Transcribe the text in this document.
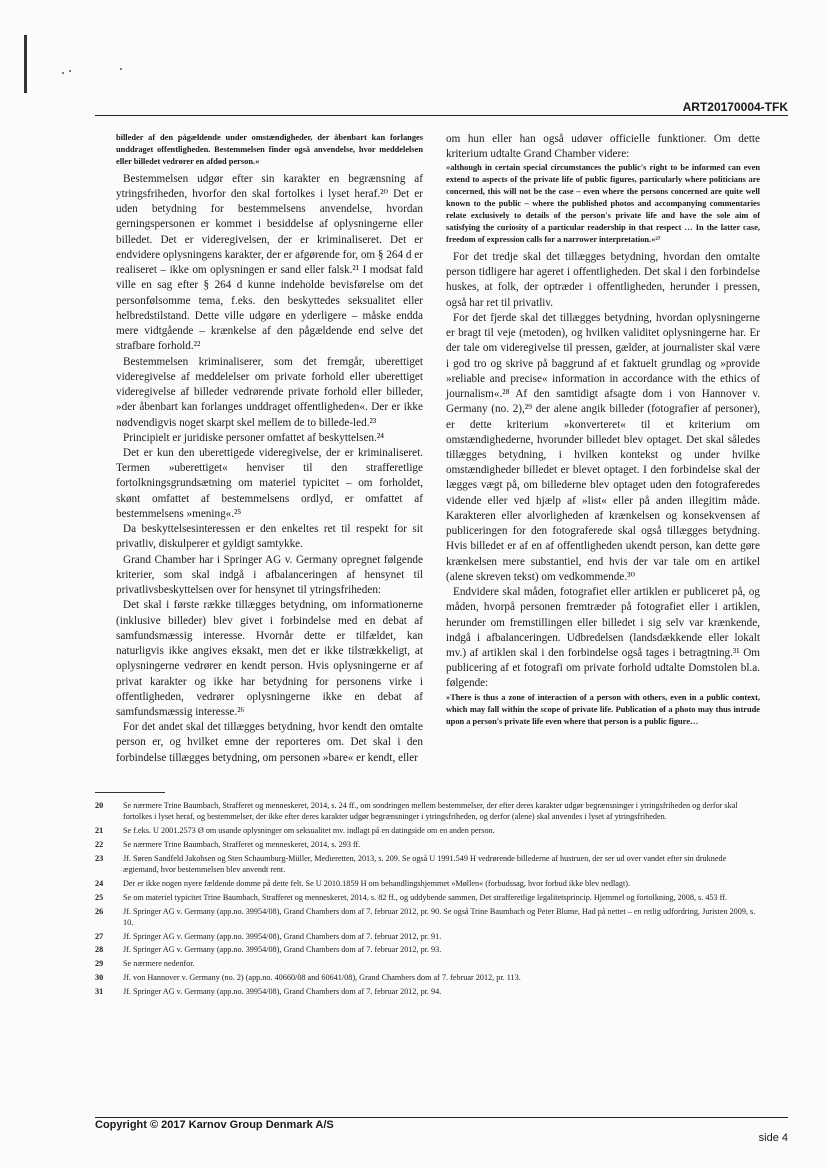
ART20170004-TFK

billeder af den pågældende under omstændigheder, der åbenbart kan forlanges unddraget offentligheden. Bestemmelsen finder også anvendelse, hvor meddelelsen eller billedet vedrører en afdød person.«

Bestemmelsen udgør efter sin karakter en begrænsning af ytringsfriheden, hvorfor den skal fortolkes i lyset heraf.²⁰ Det er uden betydning for bestemmelsens anvendelse, hvordan gerningspersonen er kommet i besiddelse af oplysningerne eller billedet. Det er videregivelsen, der er kriminaliseret. Det er endvidere oplysningens karakter, der er afgørende for, om § 264 d er realiseret – ikke om oplysningen er sand eller falsk.²¹ I modsat fald ville en sag efter § 264 d kunne indeholde bevisførelse om det personfølsomme tema, f.eks. den beskyttedes seksualitet eller helbredstilstand. Dette ville udgøre en yderligere – måske endda mere vidtgående – krænkelse af den pågældende end selve det strafbare forhold.²²

Bestemmelsen kriminaliserer, som det fremgår, uberettiget videregivelse af meddelelser om private forhold eller uberettiget videregivelse af billeder vedrørende private forhold eller billeder, »der åbenbart kan forlanges unddraget offentligheden«. Der er ikke nødvendigvis noget skarpt skel mellem de to billede-led.²³

Principielt er juridiske personer omfattet af beskyttelsen.²⁴

Det er kun den uberettigede videregivelse, der er kriminaliseret. Termen »uberettiget« henviser til den strafferetlige fortolkningsgrundsætning om materiel typicitet – om forholdet, skønt omfattet af bestemmelsens ordlyd, er omfattet af bestemmelsens »mening«.²⁵

Da beskyttelsesinteressen er den enkeltes ret til respekt for sit privatliv, diskulperer et gyldigt samtykke.

Grand Chamber har i Springer AG v. Germany opregnet følgende kriterier, som skal indgå i afbalanceringen af hensynet til privatlivsbeskyttelsen over for hensynet til ytringsfriheden:

Det skal i første række tillægges betydning, om informationerne (inklusive billeder) blev givet i forbindelse med en debat af samfundsmæssig interesse. Hvornår dette er tilfældet, kan naturligvis ikke angives eksakt, men det er ikke tilstrækkeligt, at oplysningerne vedrører en kendt person. Hvis oplysningerne er af privat karakter og ikke har betydning for personens virke i offentligheden, vedrører oplysningerne ikke en debat af samfundsmæssig interesse.²⁶

For det andet skal det tillægges betydning, hvor kendt den omtalte person er, og hvilket emne der reporteres om. Det skal i den forbindelse tillægges betydning, om personen »bare« er kendt, eller

om hun eller han også udøver officielle funktioner. Om dette kriterium udtalte Grand Chamber videre:

»although in certain special circumstances the public's right to be informed can even extend to aspects of the private life of public figures, particularly where politicians are concerned, this will not be the case – even where the persons concerned are quite well known to the public – where the published photos and accompanying commentaries relate exclusively to details of the person's private life and have the sole aim of satisfying the curiosity of a particular readership in that respect … In the latter case, freedom of expression calls for a narrower interpretation.«²⁷

For det tredje skal det tillægges betydning, hvordan den omtalte person tidligere har ageret i offentligheden. Det skal i den forbindelse huskes, at folk, der optræder i offentligheden, herunder i pressen, også har ret til privatliv.

For det fjerde skal det tillægges betydning, hvordan oplysningerne er bragt til veje (metoden), og hvilken validitet oplysningerne har. Er der tale om videregivelse til pressen, gælder, at journalister skal være i god tro og skrive på baggrund af et faktuelt grundlag og »provide »reliable and precise« information in accordance with the ethics of journalism«.²⁸ Af den samtidigt afsagte dom i von Hannover v. Germany (no. 2),²⁹ der alene angik billeder (fotografier af personer), er dette kriterium »konverteret« til et kriterium om omstændighederne, hvorunder billedet blev optaget. Det skal således tillægges betydning, i hvilken kontekst og under hvilke omstændigheder billedet er blevet optaget. I den forbindelse skal der lægges vægt på, om billederne blev optaget uden den fotograferedes vidende eller ved hjælp af »list« eller på anden illegitim måde. Karakteren eller alvorligheden af krænkelsen og konsekvensen af publiceringen for den fotograferede skal også tillægges betydning. Hvis billedet er af en af offentligheden ukendt person, kan dette gøre krænkelsen mere substantiel, end hvis der var tale om en artikel (alene skreven tekst) om vedkommende.³⁰

Endvidere skal måden, fotografiet eller artiklen er publiceret på, og måden, hvorpå personen fremtræder på fotografiet eller i artiklen, herunder om fremstillingen eller billedet i sig selv var krænkende, indgå i afbalanceringen. Udbredelsen (landsdækkende eller lokalt mv.) af artiklen skal i den forbindelse også tages i betragtning.³¹ Om publicering af et fotografi om private forhold udtalte Domstolen bl.a. følgende:

»There is thus a zone of interaction of a person with others, even in a public context, which may fall within the scope of private life. Publication of a photo may thus intrude upon a person's private life even where that person is a public figure…

20	Se nærmere Trine Baumbach, Strafferet og menneskeret, 2014, s. 24 ff., om sondringen mellem bestemmelser, der efter deres karakter udgør begrænsninger i ytringsfriheden og derfor skal fortolkes i lyset heraf, og bestemmelser, der ikke efter deres karakter udgør begrænsninger i ytringsfriheden, og derfor (alene) skal anvendes i lyset af ytringsfriheden.
21	Se f.eks. U 2001.2573 Ø om usande oplysninger om seksualitet mv. indlagt på en datingside om en anden person.
22	Se nærmere Trine Baumbach, Strafferet og menneskeret, 2014, s. 293 ff.
23	Jf. Søren Sandfeld Jakobsen og Sten Schaumburg-Müller, Medieretten, 2013, s. 209. Se også U 1991.549 H vedrørende billederne af hustruen, der ser ud over vandet efter sin druknede ægtemand, hvor bestemmelsen blev anvendt rent.
24	Der er ikke nogen nyere fældende domme på dette felt. Se U 2010.1859 H om behandlingshjemmet »Møllen« (forbudssag, hvor forbud ikke blev nedlagt).
25	Se om materiel typicitet Trine Baumbach, Strafferet og menneskeret, 2014, s. 82 ff., og uddybende sammen, Det strafferetlige legalitetsprincip. Hjemmel og fortolkning, 2008, s. 453 ff.
26	Jf. Springer AG v. Germany (app.no. 39954/08), Grand Chambers dom af 7. februar 2012, pr. 90. Se også Trine Baumbach og Peter Blume, Had på nettet – en retlig udfordring, Juristen 2009, s. 10.
27	Jf. Springer AG v. Germany (app.no. 39954/08), Grand Chambers dom af 7. februar 2012, pr. 91.
28	Jf. Springer AG v. Germany (app.no. 39954/08), Grand Chambers dom af 7. februar 2012, pr. 93.
29	Se nærmere nedenfor.
30	Jf. von Hannover v. Germany (no. 2) (app.no. 40660/08 and 60641/08), Grand Chambers dom af 7. februar 2012, pr. 113.
31	Jf. Springer AG v. Germany (app.no. 39954/08), Grand Chambers dom af 7. februar 2012, pr. 94.
Copyright © 2017 Karnov Group Denmark A/S
side 4
